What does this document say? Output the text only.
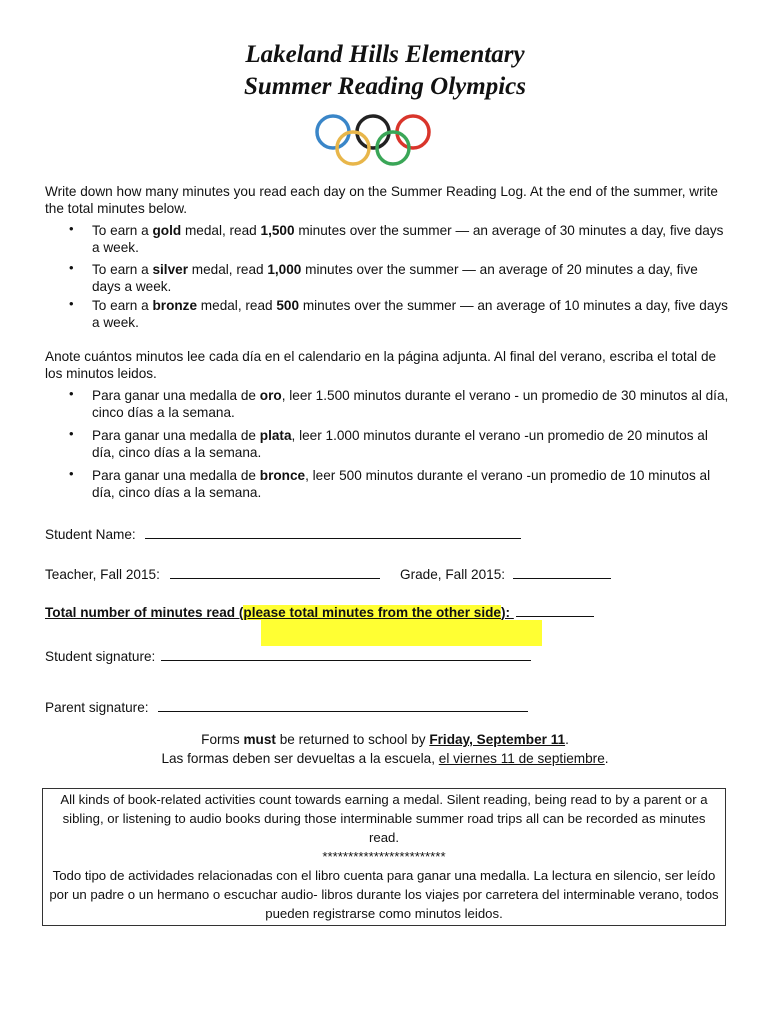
Lakeland Hills Elementary
Summer Reading Olympics
Write down how many minutes you read each day on the Summer Reading Log. At the end of the summer, write the total minutes below.
• To earn a gold medal, read 1,500 minutes over the summer — an average of 30 minutes a day, five days a week.
• To earn a silver medal, read 1,000 minutes over the summer — an average of 20 minutes a day, five days a week.
• To earn a bronze medal, read 500 minutes over the summer — an average of 10 minutes a day, five days a week.
Anote cuántos minutos lee cada día en el calendario en la página adjunta. Al final del verano, escriba el total de los minutos leidos.
• Para ganar una medalla de oro, leer 1.500 minutos durante el verano - un promedio de 30 minutos al día, cinco días a la semana.
• Para ganar una medalla de plata, leer 1.000 minutos durante el verano -un promedio de 20 minutos al día, cinco días a la semana.
• Para ganar una medalla de bronce, leer 500 minutos durante el verano -un promedio de 10 minutos al día, cinco días a la semana.
Student Name:
Teacher, Fall 2015:	Grade, Fall 2015:
Total number of minutes read (please total minutes from the other side):
Student signature:
Parent signature:
Forms must be returned to school by Friday, September 11.
Las formas deben ser devueltas a la escuela, el viernes 11 de septiembre.

All kinds of book-related activities count towards earning a medal. Silent reading, being read to by a parent or a sibling, or listening to audio books during those interminable summer road trips all can be recorded as minutes read.

************************

Todo tipo de actividades relacionadas con el libro cuenta para ganar una medalla. La lectura en silencio, ser leído por un padre o un hermano o escuchar audio- libros durante los viajes por carretera del interminable verano, todos pueden registrarse como minutos leidos.
